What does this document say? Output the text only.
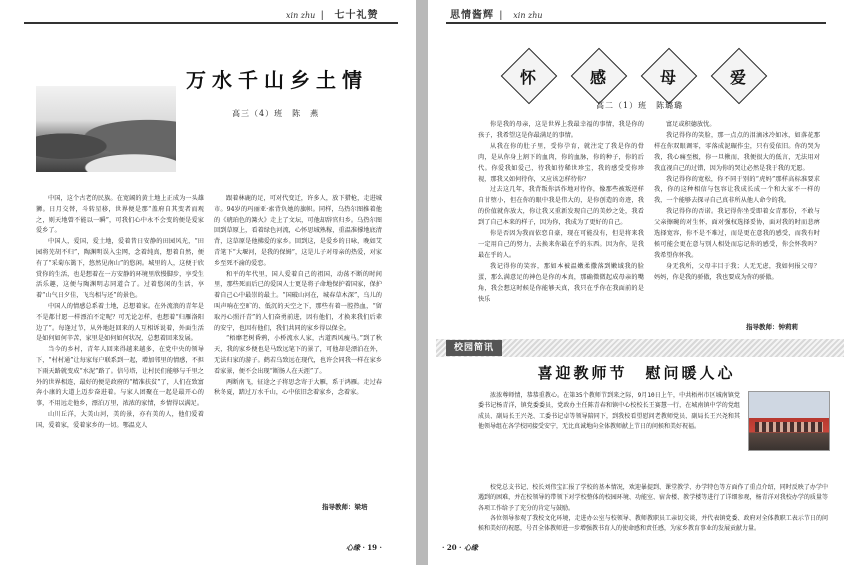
xin zhu ▏ 七十礼赞
万水千山乡土情
高三（4）班　陈　燕

中国，这个古老的民族。在宽阔的黄土地上正成为一头雄狮。日月交替，斗转星移，世界便是那“盖府自其变者而观之，则天地曾不能以一瞬”，可我们心中永不会变的便是爱家爱乡了。

中国人，爱国，爱土地，爱着昔日安静的田园风光，“田园将芜胡不归”，陶渊明误入尘网，念着纯真，想着自然，便有了“采菊东篱下，悠然见南山”的悠闲。城里的人，这便于欣赏你的生活，也是想着在一方安静的环境里欣慢脚步，享受生活乐趣，这便与陶渊明志同道合了。过着悠闲的生活，享着“山气日夕佳，飞鸟相与还”的景色。

中国人的情感总系着土地，总想着家。在外流浪的青年是不是都甘愿一样漂泊不定呢？可无论怎样，也想着“归雁洛阳边了”。每逢过节，从外地赶回来的人互相诉说着，外面生活是如何如何辛苦，家里是如何如何状况，总想着回来发展。

当今的乡村，青年人回来得越来越多，在党中央的领导下，“村村通”让每家每户联系到一起，增加邻里的情感，不担下雨天路就变成“水泥”路了。信号塔，让村民们能够与千里之外的世界相连，最好的便是政府的“精准扶贫”了，人们在致富奔小康的大道上迈步奋进着。与家人团聚在一起是最开心的事，不用远走他乡，漂泊万里，浓浓的家情，乡情得以满足。

山川丘洋，大美山河，美的景，亦有美的人，他们爱着国，爱着家，爱着家乡的一切。鄂温克人

跟着林鹿的足，可对代变迁，许多人，放下猎枪，走进城市。94岁的玛丽亚·索背负她的旗帜。同样，乌热尔图推着他的《琥珀色的篝火》走上了文坛，可他却辞官归乡。乌热尔图回到草原上，看着绿色河流，心怀思城熟稼，重温准撑地底清背，这草原是他拂爱的家乡。回到这，是爱乡的日咏，晚如艾青笔下“大堰河，是我的保姆”，这是儿子对母亲的热爱，对家乡至死不渝的爱恋。

和平的年代里，国人爱着自己的祖国，动荡不断的时间里，那些死而后已的爱国人士更是将子命地保护着国家，保护着自己心中最崇的最土。“国破山河在，城春草木深”，乌儿的叫声响在空旷的、低沉的天空之下，那些有着一腔热血，“留取丹心照汗青”的人们奋勇前进，因有他们，才换来我们后辈的安宁，也因有他们，我们共同的家乡得以保全。

“梧靡老树昏鸦，小桥流水人家，古道西风瘦马。”到了秋天，我的家乡便也是马致远笔下的景了，可他却是漂泊在外，无法归家的游子。鹤若乌致远在现代，也许会同我一样在家乡看家景，便不会出现“断肠人在天涯”了。

两断南飞，征途之子将思念寄于大雁，系于鸿雁。走过春秋冬夏，踏过万水千山，心中依旧念着家乡，念着家。

指导教师：梁培
心缘 · 19 ·
思情酱辉 ▏ xin zhu
怀	感	母	爱
高二（1）班　陈璐璐

你是我的母亲，这是世界上我最幸福的事情，我是你的孩子，我希望这是你最满足的事情。

从我在你的肚子里，受你孕育，就注定了我是你的骨肉，是从你身上割下的血肉，你的血脉，你的种子，你的后代。你爱我如爱己，待我如待稀世珍宝，我的感受受你珍视，那我又如何待你，又应该怎样待你？

过去这几年，我背叛你活作地对待你，像那些被叛逆样自甘堕小，但在你的眼中我是伟大的，是你创造的奇迹，我的价值就你放大，你让我又重新发现自己的美妙之处，我看到了自己本来的样子，因为你，我成为了更好的自己。

你是否因为我而依恋自豪，现在可能没有，但是将来我一定用自己的努力，去换来你最在乎的东西。因为你，是我最在乎的人。

我记得你的笑容，那如本被温嫩柔撒落到嫩域我的脸蛋，那么满意足的神色是你的本真，那确微微起成母亲的嘴角，我会想这时候是你能够天真，我只在乎你在我面前的是快乐

富足或积德放忧。

我记得你的笑脸，那一点点的泪滴冰冷如冰，如落花那样在你双眼调零，零落成泥碾作尘，只有爱依旧。你的哭为我，我心痛至极，你一旦揪而，我便很大的低言，无法用对我直视自己的过错，因为你的哭让必然是我于我的无愿。

我记得你的宽松，你不同于别的“虎妈”那样高标准要求我，你的这种相信与包容让我成长成一个和大家不一样的我，一个能够去探寻自己真非所从他人命令的我。

我记得你的否诺。我记得你坐受即着女青那份，不敢与父亲擦碗的对生怀，面对强权选择妥协，面对我的时而悲痹选择宽容，你不是不难过，而是更在意我的感受，而我有时候可能会更在意与别人相处而忘记你的感受，你会怀我吗？我希望你怀我。

身无我所，父母丰目于我；人无无虑，我如何报父母？妈妈，你是我的骄傲，我也要成为你的骄傲。

指导教师：钟莉莉
校园简讯
喜迎教师节　慰问暖人心

浓浓尊师情，恭恭重教心。在第35个教师节到来之际，9月10日上午，中共梧州市区城南镇党委书记杨青洋，镇党委委员，党政办主任陈青春和镇中心校校长王赛慧一行，在城南镇中学的党组成员、副局长王兴尧、工委书记卓等领导陪同下，到我校看望慰问老教师党员、副局长王兴尧和其他领导组在各学校同接受安宁，无比真诚地向全体教师献上节日的问候和美好祝福。

校党总支书记、校长刘伟宝汇报了学校的基本情况，欢迎暴提到、课堂教学、办学特色等方面作了重点介绍，同时反映了办学中遇到的困难，并在校领导的带领下对学校整体的校园环境、功能室、宿舍楼、教学楼等进行了详细参观，杨青洋对我校办学的质量等各项工作给予了充分的肯定与鼓励。

各位领导参观了我校文化环境，走进办公室与校领导、教师教职员工亲切交谈，并代表镇党委、政府对全体教职工表示节日的问候和美好的祝愿，号召全体教师进一步增强教书育人的使命感和责任感，为家乡教育事业的发展贡献力量。

· 20 · 心缘
